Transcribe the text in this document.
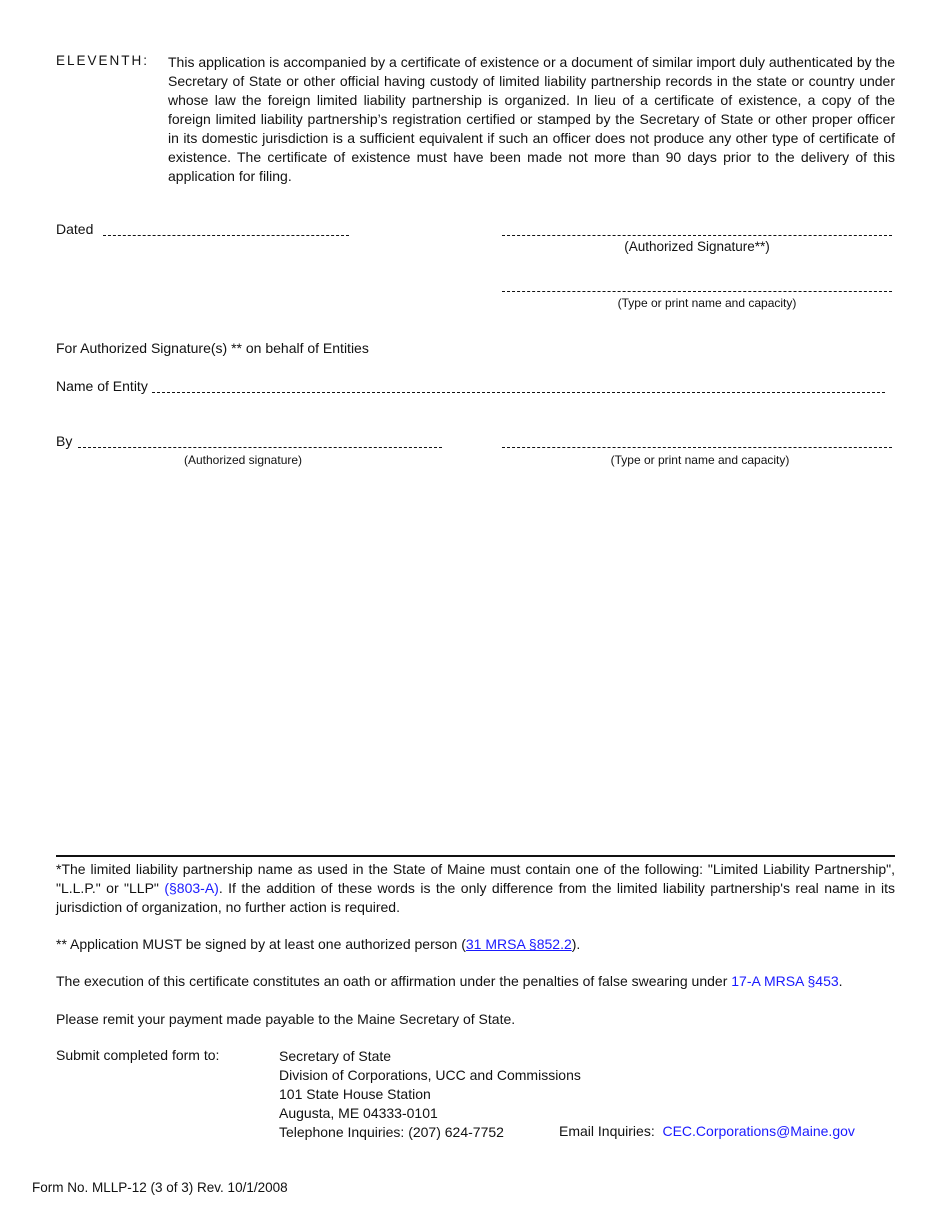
ELEVENTH: This application is accompanied by a certificate of existence or a document of similar import duly authenticated by the Secretary of State or other official having custody of limited liability partnership records in the state or country under whose law the foreign limited liability partnership is organized. In lieu of a certificate of existence, a copy of the foreign limited liability partnership’s registration certified or stamped by the Secretary of State or other proper officer in its domestic jurisdiction is a sufficient equivalent if such an officer does not produce any other type of certificate of existence. The certificate of existence must have been made not more than 90 days prior to the delivery of this application for filing.
Dated
(Authorized Signature**)
(Type or print name and capacity)
For Authorized Signature(s) ** on behalf of Entities
Name of Entity
By
(Authorized signature)	(Type or print name and capacity)
*The limited liability partnership name as used in the State of Maine must contain one of the following: "Limited Liability Partnership", "L.L.P." or "LLP" (§803-A). If the addition of these words is the only difference from the limited liability partnership's real name in its jurisdiction of organization, no further action is required.
** Application MUST be signed by at least one authorized person (31 MRSA §852.2).
The execution of this certificate constitutes an oath or affirmation under the penalties of false swearing under 17-A MRSA §453.
Please remit your payment made payable to the Maine Secretary of State.
Submit completed form to:	Secretary of State
Division of Corporations, UCC and Commissions
101 State House Station
Augusta, ME 04333-0101
Telephone Inquiries: (207) 624-7752	Email Inquiries: CEC.Corporations@Maine.gov
Form No. MLLP-12 (3 of 3) Rev. 10/1/2008
